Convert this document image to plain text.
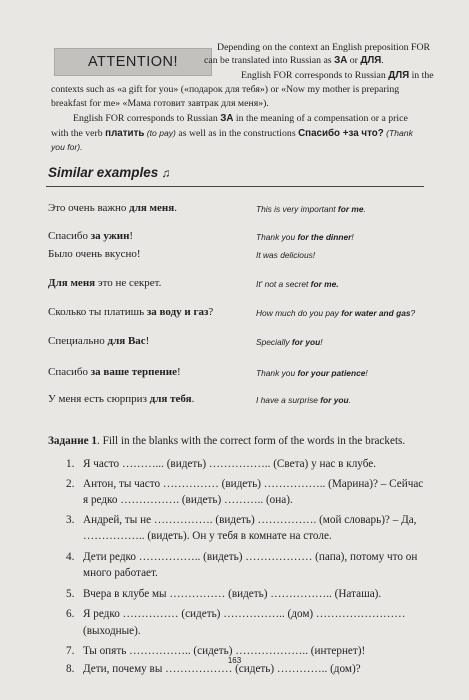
ATTENTION!
Depending on the context an English preposition FOR
can be translated into Russian as ЗА or ДЛЯ.
English FOR corresponds to Russian ДЛЯ in the
contexts such as «a gift for you» («подарок для тебя») or «Now my mother is preparing
breakfast for me» «Мама готовит завтрак для меня»).
English FOR corresponds to Russian ЗА in the meaning of a compensation or a price
with the verb платить (to pay) as well as in the constructions Спасибо +за что? (Thank
you for).
Similar examples ♫
Это очень важно для меня.	This is very important for me.
Спасибо за ужин!	Thank you for the dinner!
Было очень вкусно!	It was delicious!
Для меня это не секрет.	It' not a secret for me.
Сколько ты платишь за воду и газ?	How much do you pay for water and gas?
Специально для Вас!	Specially for you!
Спасибо за ваше терпение!	Thank you for your patience!
У меня есть сюрприз для тебя.	I have a surprise for you.
Задание 1. Fill in the blanks with the correct form of the words in the brackets.
1. Я часто ………... (видеть) …………….. (Света) у нас в клубе.
2. Антон, ты часто …………… (видеть) …………….. (Марина)? – Сейчас
я редко ……………. (видеть) ……….. (она).
3. Андрей, ты не ……………. (видеть) ……………. (мой словарь)? – Да,
…………….. (видеть). Он у тебя в комнате на столе.
4. Дети редко …………….. (видеть) ……………… (папа), потому что он
много работает.
5. Вчера в клубе мы …………… (видеть) …………….. (Наташа).
6. Я редко …………… (сидеть) …………….. (дом) ……………………
(выходные).
7. Ты опять …………….. (сидеть) ……………….. (интернет)!
8. Дети, почему вы ……………… (сидеть) ………….. (дом)?
163
